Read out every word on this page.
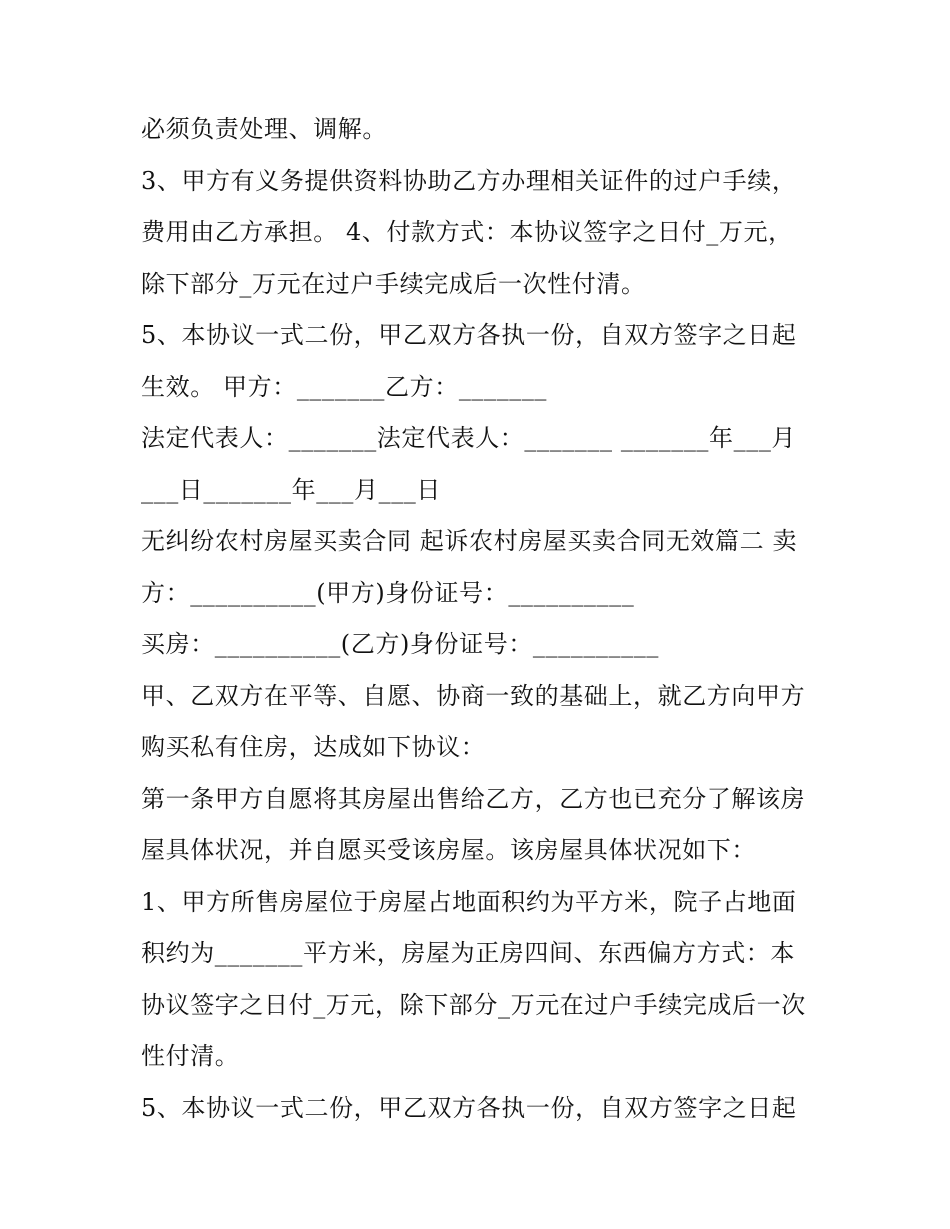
必须负责处理、调解。
3、甲方有义务提供资料协助乙方办理相关证件的过户手续，
费用由乙方承担。 4、付款方式：本协议签字之日付_万元，
除下部分_万元在过户手续完成后一次性付清。
5、本协议一式二份，甲乙双方各执一份，自双方签字之日起
生效。 甲方：_______乙方：_______
法定代表人：_______法定代表人：_______ _______年___月
___日_______年___月___日
无纠纷农村房屋买卖合同 起诉农村房屋买卖合同无效篇二 卖
方：__________(甲方)身份证号：__________
买房：__________(乙方)身份证号：__________
甲、乙双方在平等、自愿、协商一致的基础上，就乙方向甲方
购买私有住房，达成如下协议：
第一条甲方自愿将其房屋出售给乙方，乙方也已充分了解该房
屋具体状况，并自愿买受该房屋。该房屋具体状况如下：
1、甲方所售房屋位于房屋占地面积约为平方米，院子占地面
积约为_______平方米，房屋为正房四间、东西偏方方式：本
协议签字之日付_万元，除下部分_万元在过户手续完成后一次
性付清。
5、本协议一式二份，甲乙双方各执一份，自双方签字之日起
